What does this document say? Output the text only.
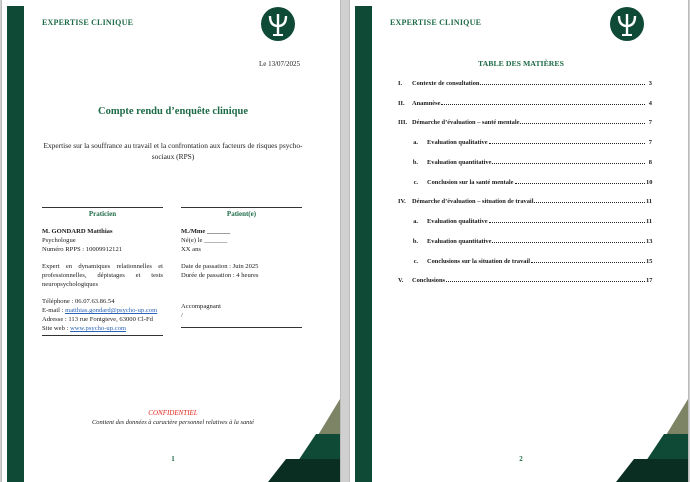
EXPERTISE CLINIQUE
Le 13/07/2025
Compte rendu d’enquête clinique
Expertise sur la souffrance au travail et la confrontation aux facteurs de risques psycho-sociaux (RPS)
Praticien

M. GONDARD Matthias

Psychologue

Numéro RPPS : 10009912121

Expert en dynamiques relationnelles et professionnelles, dépistages et tests neuropsychologiques

Téléphone : 06.07.63.86.54

E-mail : matthias.gondard@psycho-up.com

Adresse : 113 rue Fontgieve, 63000 Cl-Fd

Site web : www.psycho-up.com

Patient(e)

M./Mme _______

Né(e) le _______

XX ans

Date de passation : Juin 2025

Durée de passation : 4 heures

Accompagnant

/

CONFIDENTIEL
Contient des données à caractère personnel relatives à la santé
1
EXPERTISE CLINIQUE
TABLE DES MATIÈRES
I.	Contexte de consultation	3
II.	Anamnèse	4
III. Démarche d’évaluation – santé mentale	7
a.	Evaluation qualitative	7
b.	Evaluation quantitative	8
c.	Conclusion sur la santé mentale	10
IV. Démarche d’évaluation – situation de travail	11
a.	Evaluation qualitative	11
b.	Evaluation quantitative	13
c.	Conclusions sur la situation de travail	15
V.	Conclusions	17
2
